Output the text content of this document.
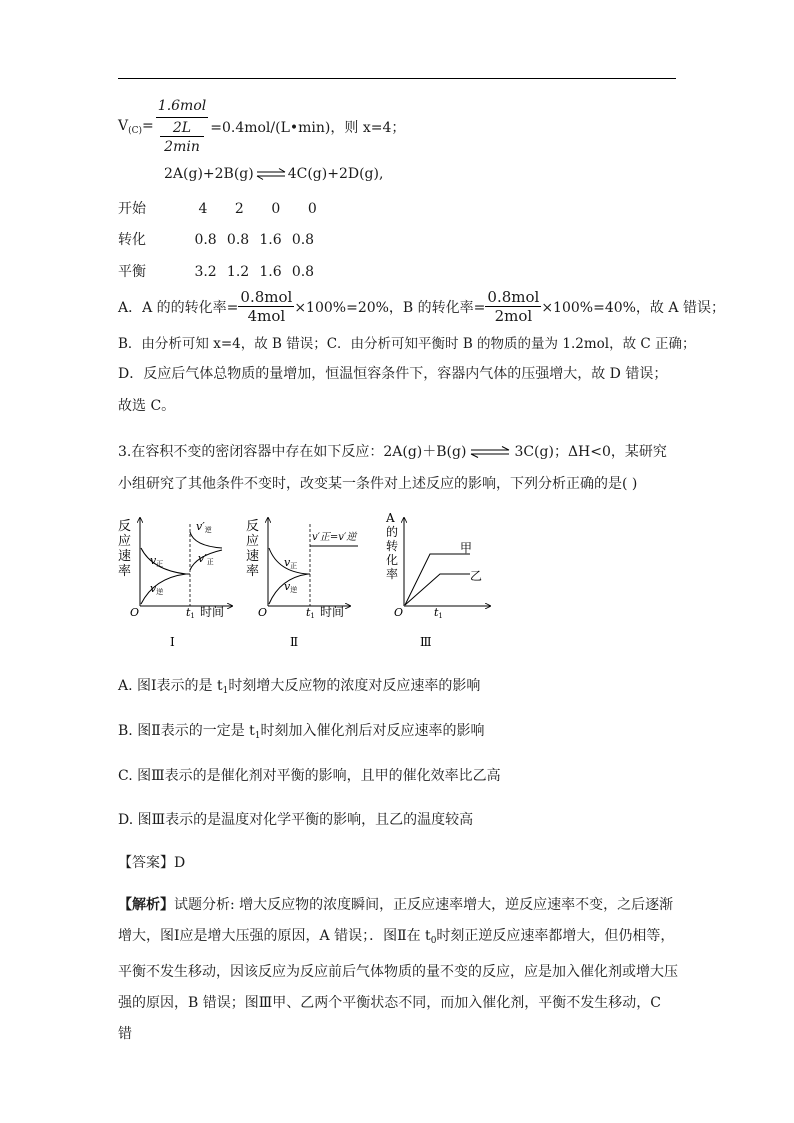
$V_{(C)}=$
1.6mol
2L
2min
=0.4mol/(L•min)，则 x=4；
2A(g)+2B(g) ⇌ 4C(g)+2D(g),
开始	4 2 0 0
转化	0.8 0.8 1.6 0.8
平衡	3.2 1.2 1.6 0.8
A．A 的的转化率= $\frac{\text{0.8mol}}{\text{4mol}} \times 100\%=20\%$，B 的转化率= $\frac{\text{0.8mol}}{\text{2mol}} \times 100\%=40\%$，故 A 错误；
B．由分析可知 x=4，故 B 错误；C．由分析可知平衡时 B 的物质的量为 1.2mol，故 C 正确；
D．反应后气体总物质的量增加，恒温恒容条件下，容器内气体的压强增大，故 D 错误；故选 C。
3.在容积不变的密闭容器中存在如下反应：2A(g)＋B(g) ⇌ 3C(g)；ΔH<0，某研究小组研究了其他条件不变时，改变某一条件对上述反应的影响，下列分析正确的是( )
反应速率
v正
v逆
v′逆
v′正
O	t1 时间
Ⅰ
反应速率
v′正=v′逆
v正
v逆
O	t1 时间
Ⅱ
A 的转化率
甲
乙
O	t1
Ⅲ
A. 图Ⅰ表示的是 $t_1$时刻增大反应物的浓度对反应速率的影响
B. 图Ⅱ表示的一定是 $t_1$时刻加入催化剂后对反应速率的影响
C. 图Ⅲ表示的是催化剂对平衡的影响，且甲的催化效率比乙高
D. 图Ⅲ表示的是温度对化学平衡的影响，且乙的温度较高
【答案】D
【解析】试题分析: 增大反应物的浓度瞬间，正反应速率增大，逆反应速率不变，之后逐渐增大，图Ⅰ应是增大压强的原因，A 错误；．图Ⅱ在 $t_0$时刻正逆反应速率都增大，但仍相等，平衡不发生移动，因该反应为反应前后气体物质的量不变的反应，应是加入催化剂或增大压强的原因，B 错误；图Ⅲ甲、乙两个平衡状态不同，而加入催化剂，平衡不发生移动，C 错
